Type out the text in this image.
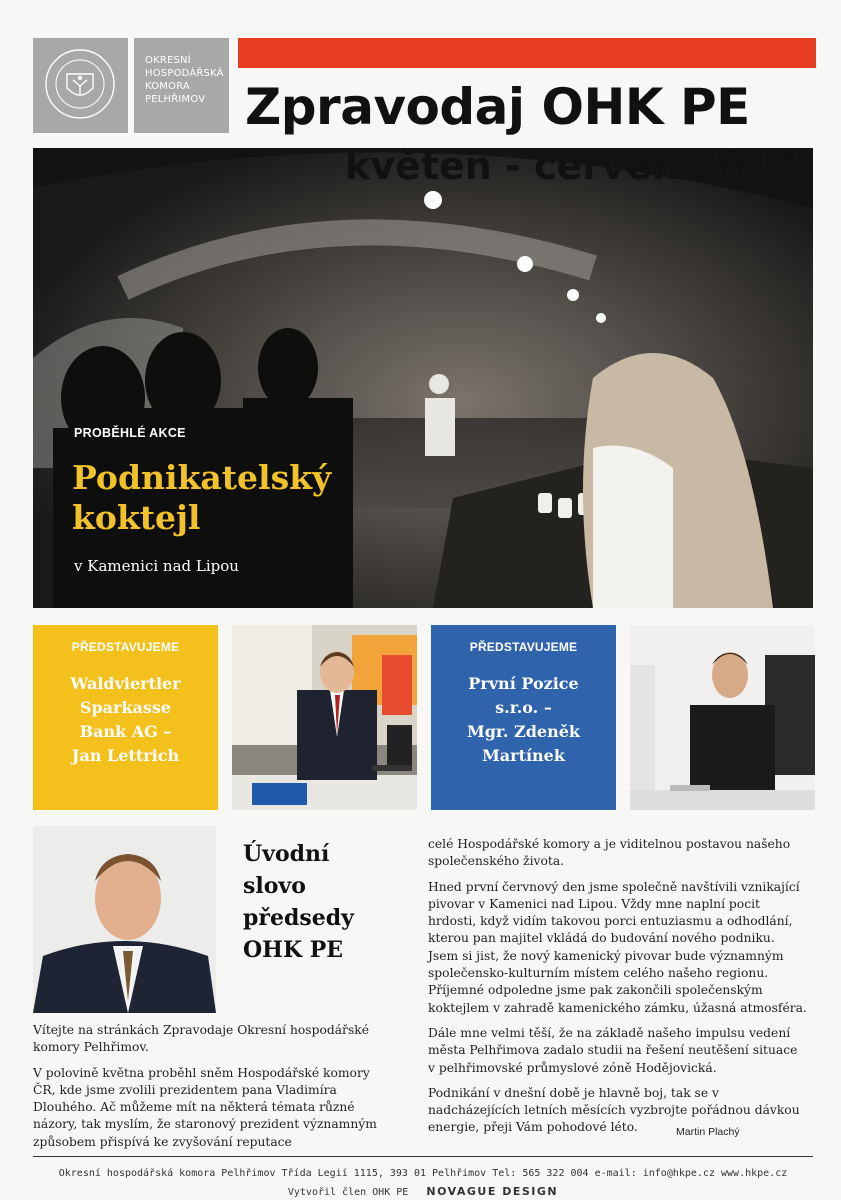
OKRESNÍ
HOSPODÁŘSKÁ
KOMORA
PELHŘIMOV Zpravodaj OHK PE
květen - červen 2017
PROBĚHLÉ AKCE
Podnikatelský
koktejl
v Kamenici nad Lipou
PŘEDSTAVUJEME
Waldviertler
Sparkasse
Bank AG –
Jan Lettrich
PŘEDSTAVUJEME
První Pozice
s.r.o. –
Mgr. Zdeněk
Martínek
Úvodní
slovo
předsedy
OHK PE

Vítejte na stránkách Zpravodaje Okresní hospodářské komory Pelhřimov.

V polovině května proběhl sněm Hospodářské komory ČR, kde jsme zvolili prezidentem pana Vladimíra Dlouhého. Ač můžeme mít na některá témata různé názory, tak myslím, že staronový prezident významným způsobem přispívá ke zvyšování reputace

celé Hospodářské komory a je viditelnou postavou našeho společenského života.

Hned první červnový den jsme společně navštívili vznikající pivovar v Kamenici nad Lipou. Vždy mne naplní pocit hrdosti, když vidím takovou porci entuziasmu a odhodlání, kterou pan majitel vkládá do budování nového podniku. Jsem si jist, že nový kamenický pivovar bude významným společensko-kulturním místem celého našeho regionu. Příjemné odpoledne jsme pak zakončili společenským koktejlem v zahradě kamenického zámku, úžasná atmosféra.

Dále mne velmi těší, že na základě našeho impulsu vedení města Pelhřimova zadalo studii na řešení neutěšení situace v pelhřimovské průmyslové zóně Hodějovická.

Podnikání v dnešní době je hlavně boj, tak se v nadcházejících letních měsících vyzbrojte pořádnou dávkou energie, přeji Vám pohodové léto.	Martin Plachý
Okresní hospodářská komora Pelhřimov Třída Legií 1115, 393 01 Pelhřimov Tel: 565 322 004 e-mail: info@hkpe.cz www.hkpe.cz
Vytvořil člen OHK PE NOVAGUE DESIGN
